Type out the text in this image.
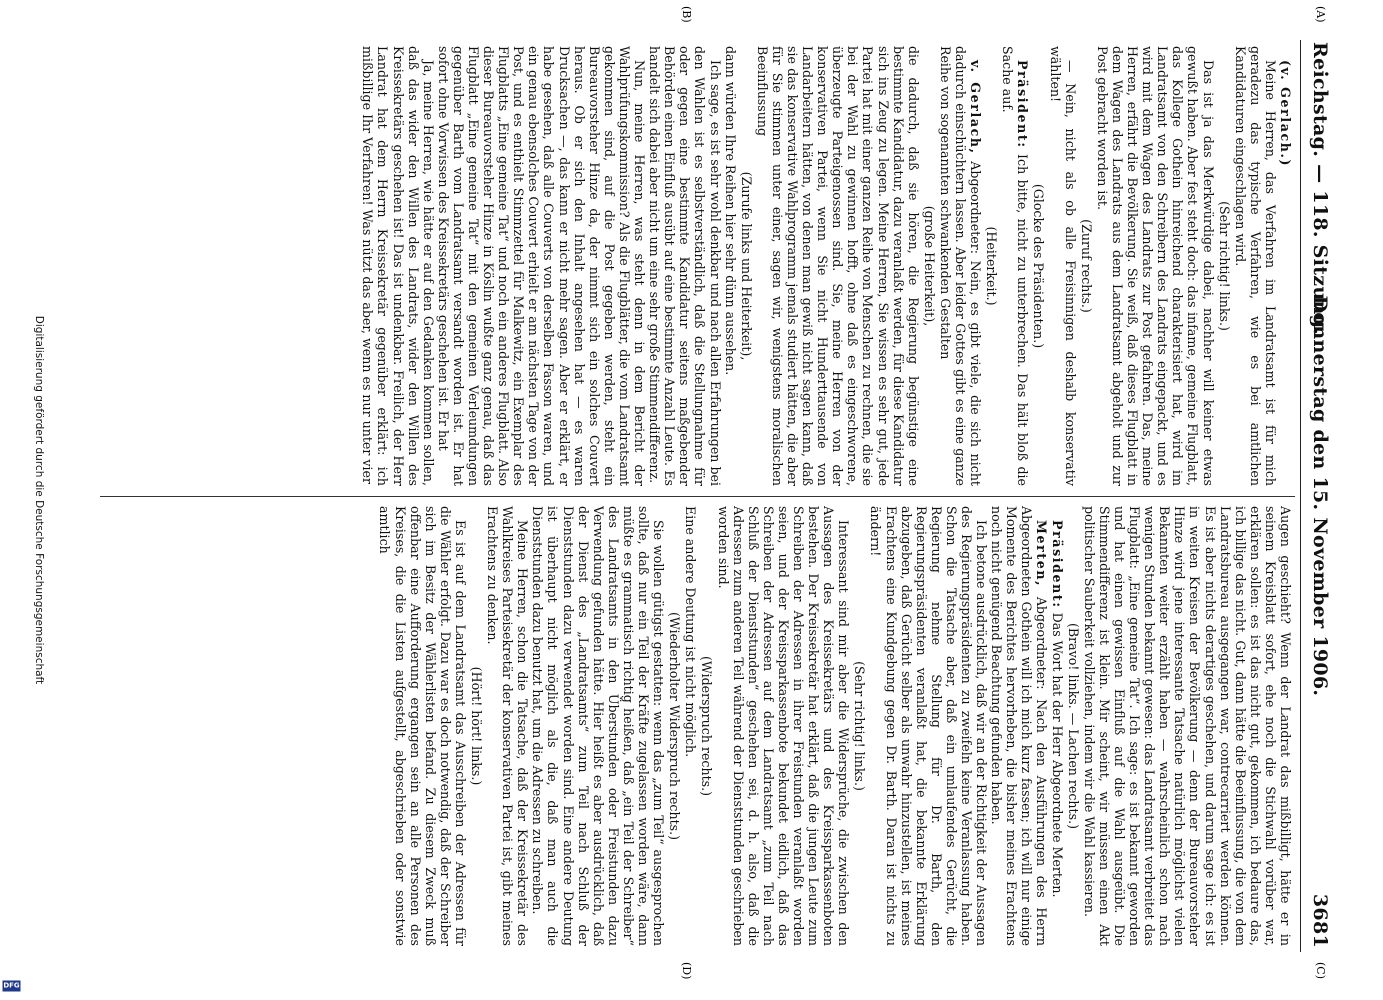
Reichstag. — 118. Sitzung.
Donnerstag den 15. November 1906.
3681

(v. Gerlach.)

Meine Herren, das Verfahren im Landratsamt ist für mich geradezu das typische Verfahren, wie es bei amtlichen Kandidaturen eingeschlagen wird.

(Sehr richtig! links.)

Das ist ja das Merkwürdige dabei, nachher will keiner etwas gewußt haben. Aber fest steht doch: das infame, gemeine Flugblatt, das Kollege Gothein hinreichend charakterisiert hat, wird im Landratsamt von den Schreibern des Landrats eingepackt, und es wird mit dem Wagen des Landrats zur Post gefahren. Das, meine Herren, erfährt die Bevölkerung. Sie weiß, daß dieses Flugblatt in dem Wagen des Landrats aus dem Landratsamt abgeholt und zur Post gebracht worden ist.

(Zuruf rechts.)

— Nein, nicht als ob alle Freisinnigen deshalb konservativ wählten!

(Glocke des Präsidenten.)

Präsident: Ich bitte, nicht zu unterbrechen. Das hält bloß die Sache auf.

(Heiterkeit.)

v. Gerlach, Abgeordneter: Nein, es gibt viele, die sich nicht dadurch einschüchtern lassen. Aber leider Gottes gibt es eine ganze Reihe von sogenannten schwankenden Gestalten

(große Heiterkeit),

die dadurch, daß sie hören, die Regierung begünstige eine bestimmte Kandidatur, dazu veranlaßt werden, für diese Kandidatur sich ins Zeug zu legen. Meine Herren, Sie wissen es sehr gut, jede Partei hat mit einer ganzen Reihe von Menschen zu rechnen, die sie bei der Wahl zu gewinnen hofft, ohne daß es eingeschworene, überzeugte Parteigenossen sind. Sie, meine Herren von der konservativen Partei, wenn Sie nicht Hunderttausende von Landarbeitern hätten, von denen man gewiß nicht sagen kann, daß sie das konservative Wahlprogramm jemals studiert hätten, die aber für Sie stimmen unter einer, sagen wir, wenigstens moralischen Beeinflussung

(Zurufe links und Heiterkeit),

dann würden Ihre Reihen hier sehr dünn aussehen.

Ich sage, es ist sehr wohl denkbar und nach allen Erfahrungen bei den Wahlen ist es selbstverständlich, daß die Stellungnahme für oder gegen eine bestimmte Kandidatur seitens maßgebender Behörden einen Einfluß ausübt auf eine bestimmte Anzahl Leute. Es handelt sich dabei aber nicht um eine sehr große Stimmendifferenz.

Nun, meine Herren, was steht denn in dem Bericht der Wahlprüfungskommission? Als die Flugblätter, die vom Landratsamt gekommen sind, auf die Post gegeben werden, steht ein Bureauvorsteher Hinze da, der nimmt sich ein solches Couvert heraus. Ob er sich den Inhalt angesehen hat — es waren Drucksachen —, das kann er nicht mehr sagen. Aber er erklärt, er habe gesehen, daß alle Couverts von derselben Fasson waren, und ein genau ebensolches Couvert erhielt er am nächsten Tage von der Post, und es enthielt Stimmzettel für Malkewitz, ein Exemplar des Flugblatts „Eine gemeine Tat“ und noch ein anderes Flugblatt. Also dieser Bureauvorsteher Hinze in Köslin wußte ganz genau, daß das Flugblatt „Eine gemeine Tat“ mit den gemeinen Verleumdungen gegenüber Barth vom Landratsamt versandt worden ist. Er hat sofort ohne Vorwissen des Kreissekretärs geschehen ist. Er hat

Ja, meine Herren, wie hätte er auf den Gedanken kommen sollen, daß das wider den Willen des Landrats, wider den Willen des Kreissekretärs geschehen ist! Das ist undenkbar. Freilich, der Herr Landrat hat dem Herrn Kreissekretär gegenüber erklärt: ich mißbillige Ihr Verfahren! Was nützt das aber, wenn es nur unter vier

Augen geschieht? Wenn der Landrat das mißbilligt, hätte er in seinem Kreisblatt sofort, ehe noch die Stichwahl vorüber war, erklären sollen: es ist das nicht gut, gekommen, ich bedaure das, ich billige das nicht. Gut, dann hätte die Beeinflussung, die von dem Landratsbureau ausgegangen war, contrecarriert werden können. Es ist aber nichts derartiges geschehen, und darum sage ich: es ist in weiten Kreisen der Bevölkerung — denn der Bureauvorsteher Hinze wird jene interessante Tatsache natürlich möglichst vielen Bekannten weiter erzählt haben — wahrscheinlich schon nach wenigen Stunden bekannt gewesen: das Landratsamt verbreitet das Flugblatt: „Eine gemeine Tat“. Ich sage: es ist bekannt geworden und hat einen gewissen Einfluß auf die Wahl ausgeübt. Die Stimmendifferenz ist klein. Mir scheint, wir müssen einen Akt politischer Sauberkeit vollziehen, indem wir die Wahl kassieren.

(Bravo! links. — Lachen rechts.)

Präsident: Das Wort hat der Herr Abgeordnete Merten.

Merten, Abgeordneter: Nach den Ausführungen des Herrn Abgeordneten Gothein will ich mich kurz fassen; ich will nur einige Momente des Berichtes hervorheben, die bisher meines Erachtens noch nicht genügend Beachtung gefunden haben.

Ich betone ausdrücklich, daß wir an der Richtigkeit der Aussagen des Regierungspräsidenten zu zweifeln keine Veranlassung haben. Schon die Tatsache aber, daß ein umlaufendes Gerücht, die Regierung nehme Stellung für Dr. Barth, den Regierungspräsidenten veranlaßt hat, die bekannte Erklärung abzugeben, daß Gerücht selber als unwahr hinzustellen, ist meines Erachtens eine Kundgebung gegen Dr. Barth. Daran ist nichts zu ändern!

(Sehr richtig! links.)

Interessant sind mir aber die Widersprüche, die zwischen den Aussagen des Kreissekretärs und des Kreissparkassenboten bestehen. Der Kreissekretär hat erklärt, daß die jungen Leute zum Schreiben der Adressen in ihrer Freistunden veranlaßt worden seien, und der Kreissparkassenbote bekundet eidlich, daß das Schreiben der Adressen auf dem Landratsamt „zum Teil nach Schluß der Dienststunden“ geschehen sei, d. h. also, daß die Adressen zum anderen Teil während der Dienststunden geschrieben worden sind.

(Widerspruch rechts.)

Eine andere Deutung ist nicht möglich.

(Wiederholter Widerspruch rechts.)

Sie wollen gütigst gestatten: wenn das „zum Teil“ ausgesprochen sollte, daß nur ein Teil der Kräfte zugelassen worden wäre, dann müßte es grammatisch richtig heißen, daß „ein Teil der Schreiber“ des Landratsamts in den Überstunden oder Freistunden dazu Verwendung gefunden hätte. Hier heißt es aber ausdrücklich, daß der Dienst des „Landratsamts“ zum Teil nach Schluß der Dienststunden dazu verwendet worden sind. Eine andere Deutung ist überhaupt nicht möglich als die, daß man auch die Dienststunden dazu benutzt hat, um die Adressen zu schreiben.

Meine Herren, schon die Tatsache, daß der Kreissekretär des Wahlkreises Parteisekretär der konservativen Partei ist, gibt meines Erachtens zu denken.

(Hört! hört! links.)

Es ist auf dem Landratsamt das Ausschreiben der Adressen für die Wähler erfolgt. Dazu war es doch notwendig, daß der Schreiber sich im Besitz der Wählerlisten befand. Zu diesem Zweck muß offenbar eine Aufforderung ergangen sein an alle Personen des Kreises, die die Listen aufgestellt, abgeschrieben oder sonstwie amtlich

(A)
(B)
(C)
(D)
Digitalisierung gefördert durch die Deutsche Forschungsgemeinschaft
DFG
